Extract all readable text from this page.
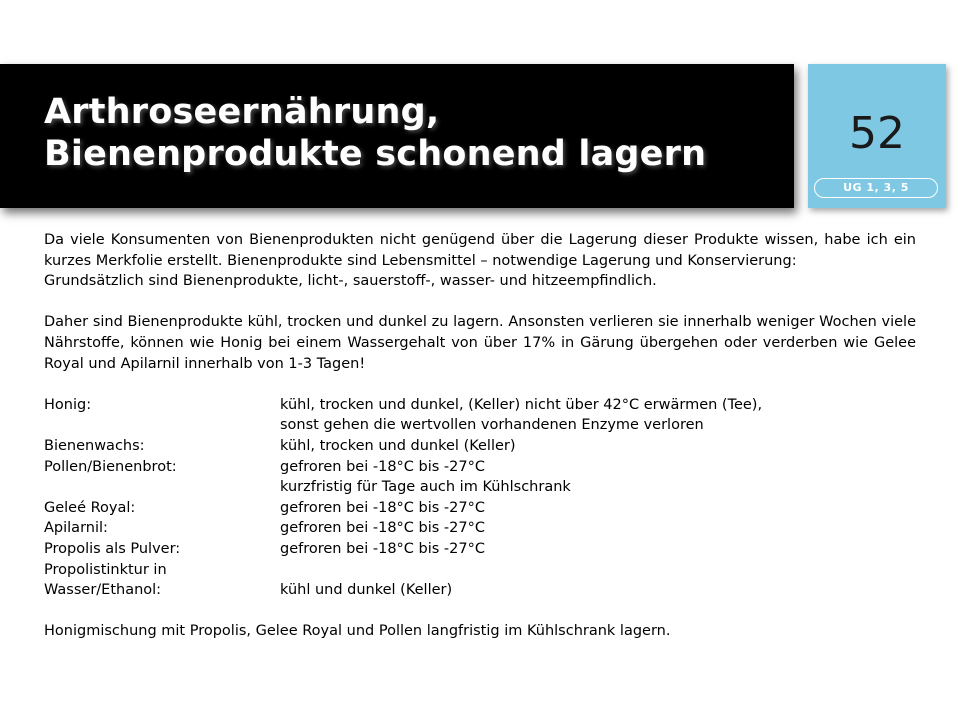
Arthroseernährung,
Bienenprodukte schonend lagern	52
UG 1, 3, 5

Da viele Konsumenten von Bienenprodukten nicht genügend über die Lagerung dieser Produkte wissen, habe ich ein kurzes Merkfolie erstellt. Bienenprodukte sind Lebensmittel – notwendige Lagerung und Konservierung:

Grundsätzlich sind Bienenprodukte, licht-, sauerstoff-, wasser- und hitzeempfindlich.

Daher sind Bienenprodukte kühl, trocken und dunkel zu lagern. Ansonsten verlieren sie innerhalb weniger Wochen viele Nährstoffe, können wie Honig bei einem Wassergehalt von über 17% in Gärung übergehen oder verderben wie Gelee Royal und Apilarnil innerhalb von 1-3 Tagen!

Honig:	kühl, trocken und dunkel, (Keller) nicht über 42°C erwärmen (Tee),
sonst gehen die wertvollen vorhandenen Enzyme verloren
Bienenwachs:	kühl, trocken und dunkel (Keller)
Pollen/Bienenbrot:	gefroren bei -18°C bis -27°C
kurzfristig für Tage auch im Kühlschrank
Geleé Royal:	gefroren bei -18°C bis -27°C
Apilarnil:	gefroren bei -18°C bis -27°C
Propolis als Pulver:	gefroren bei -18°C bis -27°C
Propolistinktur in
Wasser/Ethanol:	kühl und dunkel (Keller)

Honigmischung mit Propolis, Gelee Royal und Pollen langfristig im Kühlschrank lagern.
